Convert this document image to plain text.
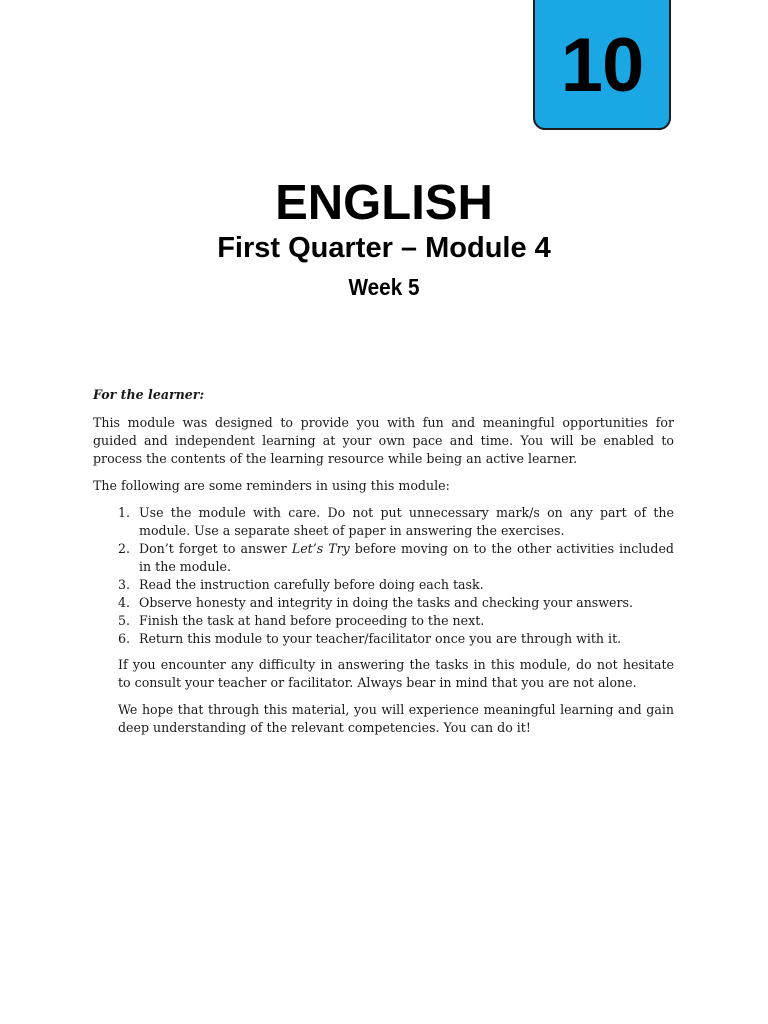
10
ENGLISH
First Quarter – Module 4
Week 5

For the learner:

This module was designed to provide you with fun and meaningful opportunities for guided and independent learning at your own pace and time. You will be enabled to process the contents of the learning resource while being an active learner.

The following are some reminders in using this module:

1. Use the module with care. Do not put unnecessary mark/s on any part of the module. Use a separate sheet of paper in answering the exercises.
2. Don’t forget to answer Let’s Try before moving on to the other activities included in the module.
3. Read the instruction carefully before doing each task.
4. Observe honesty and integrity in doing the tasks and checking your answers.
5. Finish the task at hand before proceeding to the next.
6. Return this module to your teacher/facilitator once you are through with it.

If you encounter any difficulty in answering the tasks in this module, do not hesitate to consult your teacher or facilitator. Always bear in mind that you are not alone.

We hope that through this material, you will experience meaningful learning and gain deep understanding of the relevant competencies. You can do it!
